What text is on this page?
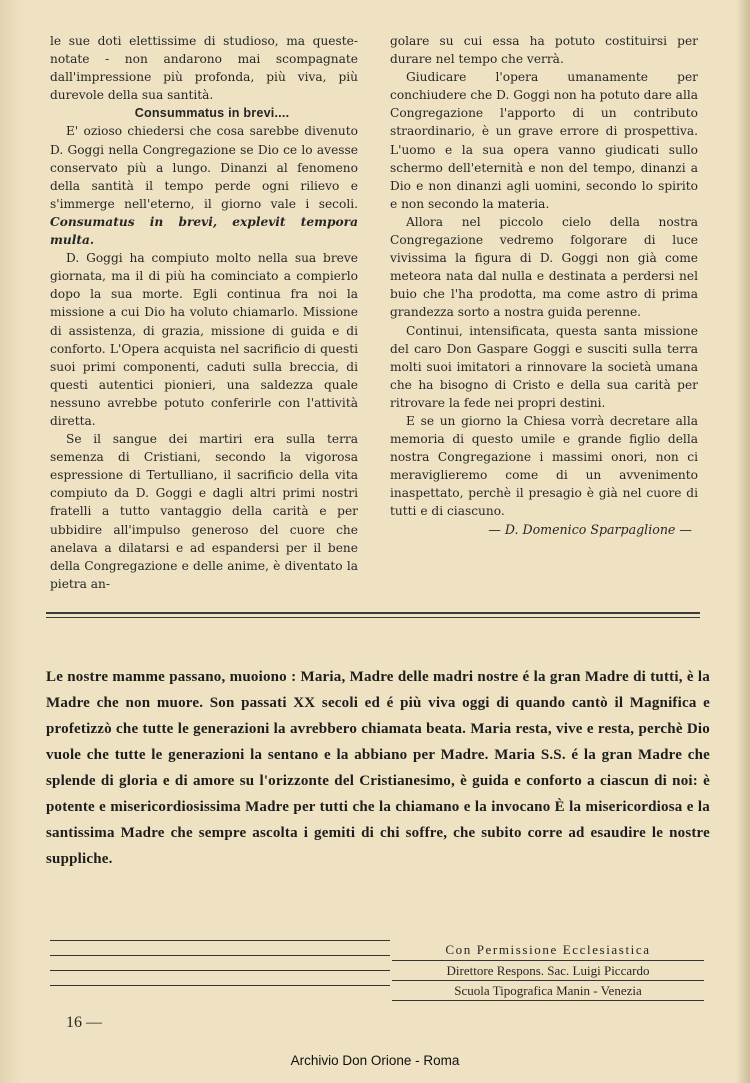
le sue doti elettissime di studioso, ma queste-notate - non andarono mai scompagnate dall'impressione più profonda, più viva, più durevole della sua santità.

Consummatus in brevi....

E' ozioso chiedersi che cosa sarebbe divenuto D. Goggi nella Congregazione se Dio ce lo avesse conservato più a lungo. Dinanzi al fenomeno della santità il tempo perde ogni rilievo e s'immerge nell'eterno, il giorno vale i secoli. Consumatus in brevi, explevit tempora multa.

D. Goggi ha compiuto molto nella sua breve giornata, ma il di più ha cominciato a compierlo dopo la sua morte. Egli continua fra noi la missione a cui Dio ha voluto chiamarlo. Missione di assistenza, di grazia, missione di guida e di conforto. L'Opera acquista nel sacrificio di questi suoi primi componenti, caduti sulla breccia, di questi autentici pionieri, una saldezza quale nessuno avrebbe potuto conferirle con l'attività diretta.

Se il sangue dei martiri era sulla terra semenza di Cristiani, secondo la vigorosa espressione di Tertulliano, il sacrificio della vita compiuto da D. Goggi e dagli altri primi nostri fratelli a tutto vantaggio della carità e per ubbidire all'impulso generoso del cuore che anelava a dilatarsi e ad espandersi per il bene della Congregazione e delle anime, è diventato la pietra an-

golare su cui essa ha potuto costituirsi per durare nel tempo che verrà.

Giudicare l'opera umanamente per conchiudere che D. Goggi non ha potuto dare alla Congregazione l'apporto di un contributo straordinario, è un grave errore di prospettiva. L'uomo e la sua opera vanno giudicati sullo schermo dell'eternità e non del tempo, dinanzi a Dio e non dinanzi agli uomini, secondo lo spirito e non secondo la materia.

Allora nel piccolo cielo della nostra Congregazione vedremo folgorare di luce vivissima la figura di D. Goggi non già come meteora nata dal nulla e destinata a perdersi nel buio che l'ha prodotta, ma come astro di prima grandezza sorto a nostra guida perenne.

Continui, intensificata, questa santa missione del caro Don Gaspare Goggi e susciti sulla terra molti suoi imitatori a rinnovare la società umana che ha bisogno di Cristo e della sua carità per ritrovare la fede nei propri destini.

E se un giorno la Chiesa vorrà decretare alla memoria di questo umile e grande figlio della nostra Congregazione i massimi onori, non ci meraviglieremo come di un avvenimento inaspettato, perchè il presagio è già nel cuore di tutti e di ciascuno.

— D. Domenico Sparpaglione —

Le nostre mamme passano, muoiono : Maria, Madre delle madri nostre é la gran Madre di tutti, è la Madre che non muore. Son passati XX secoli ed é più viva oggi di quando cantò il Magnifica e profetizzò che tutte le generazioni la avrebbero chiamata beata. Maria resta, vive e resta, perchè Dio vuole che tutte le generazioni la sentano e la abbiano per Madre. Maria S.S. é la gran Madre che splende di gloria e di amore su l'orizzonte del Cristianesimo, è guida e conforto a ciascun di noi: è potente e misericordiosissima Madre per tutti che la chiamano e la invocano È la misericordiosa e la santissima Madre che sempre ascolta i gemiti di chi soffre, che subito corre ad esaudire le nostre suppliche.
Con Permissione Ecclesiastica
Direttore Respons. Sac. Luigi Piccardo
Scuola Tipografica Manin - Venezia
16 —
Archivio Don Orione - Roma
